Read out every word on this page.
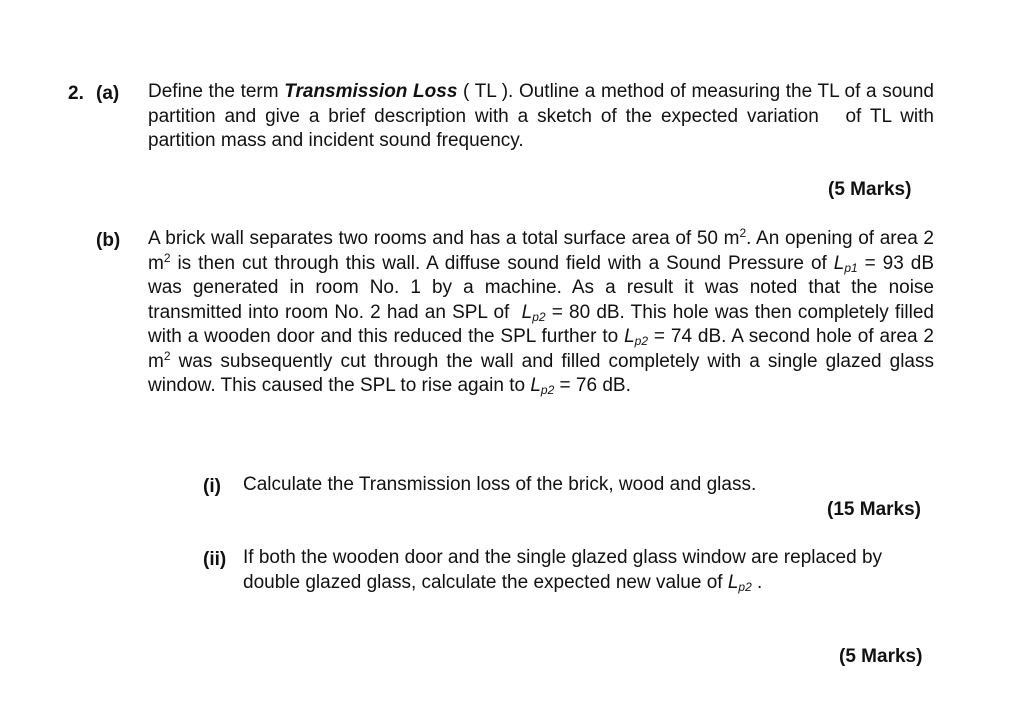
2. (a) Define the term Transmission Loss ( TL ). Outline a method of measuring the TL of a sound partition and give a brief description with a sketch of the expected variation   of TL with partition mass and incident sound frequency.
(5 Marks)
(b) A brick wall separates two rooms and has a total surface area of 50 $m^2$. An opening of area 2 $m^2$ is then cut through this wall. A diffuse sound field with a Sound Pressure of $L_{p1} = 93$ dB was generated in room No. 1 by a machine. As a result it was noted that the noise transmitted into room No. 2 had an SPL of  $L_{p2} = 80$ dB. This hole was then completely filled with a wooden door and this reduced the SPL further to $L_{p2} = 74$ dB. A second hole of area 2 $m^2$ was subsequently cut through the wall and filled completely with a single glazed glass window. This caused the SPL to rise again to $L_{p2} = 76$ dB.
(i) Calculate the Transmission loss of the brick, wood and glass.
(15 Marks)
(ii) If both the wooden door and the single glazed glass window are replaced by double glazed glass, calculate the expected new value of $L_{p2}$ .
(5 Marks)
